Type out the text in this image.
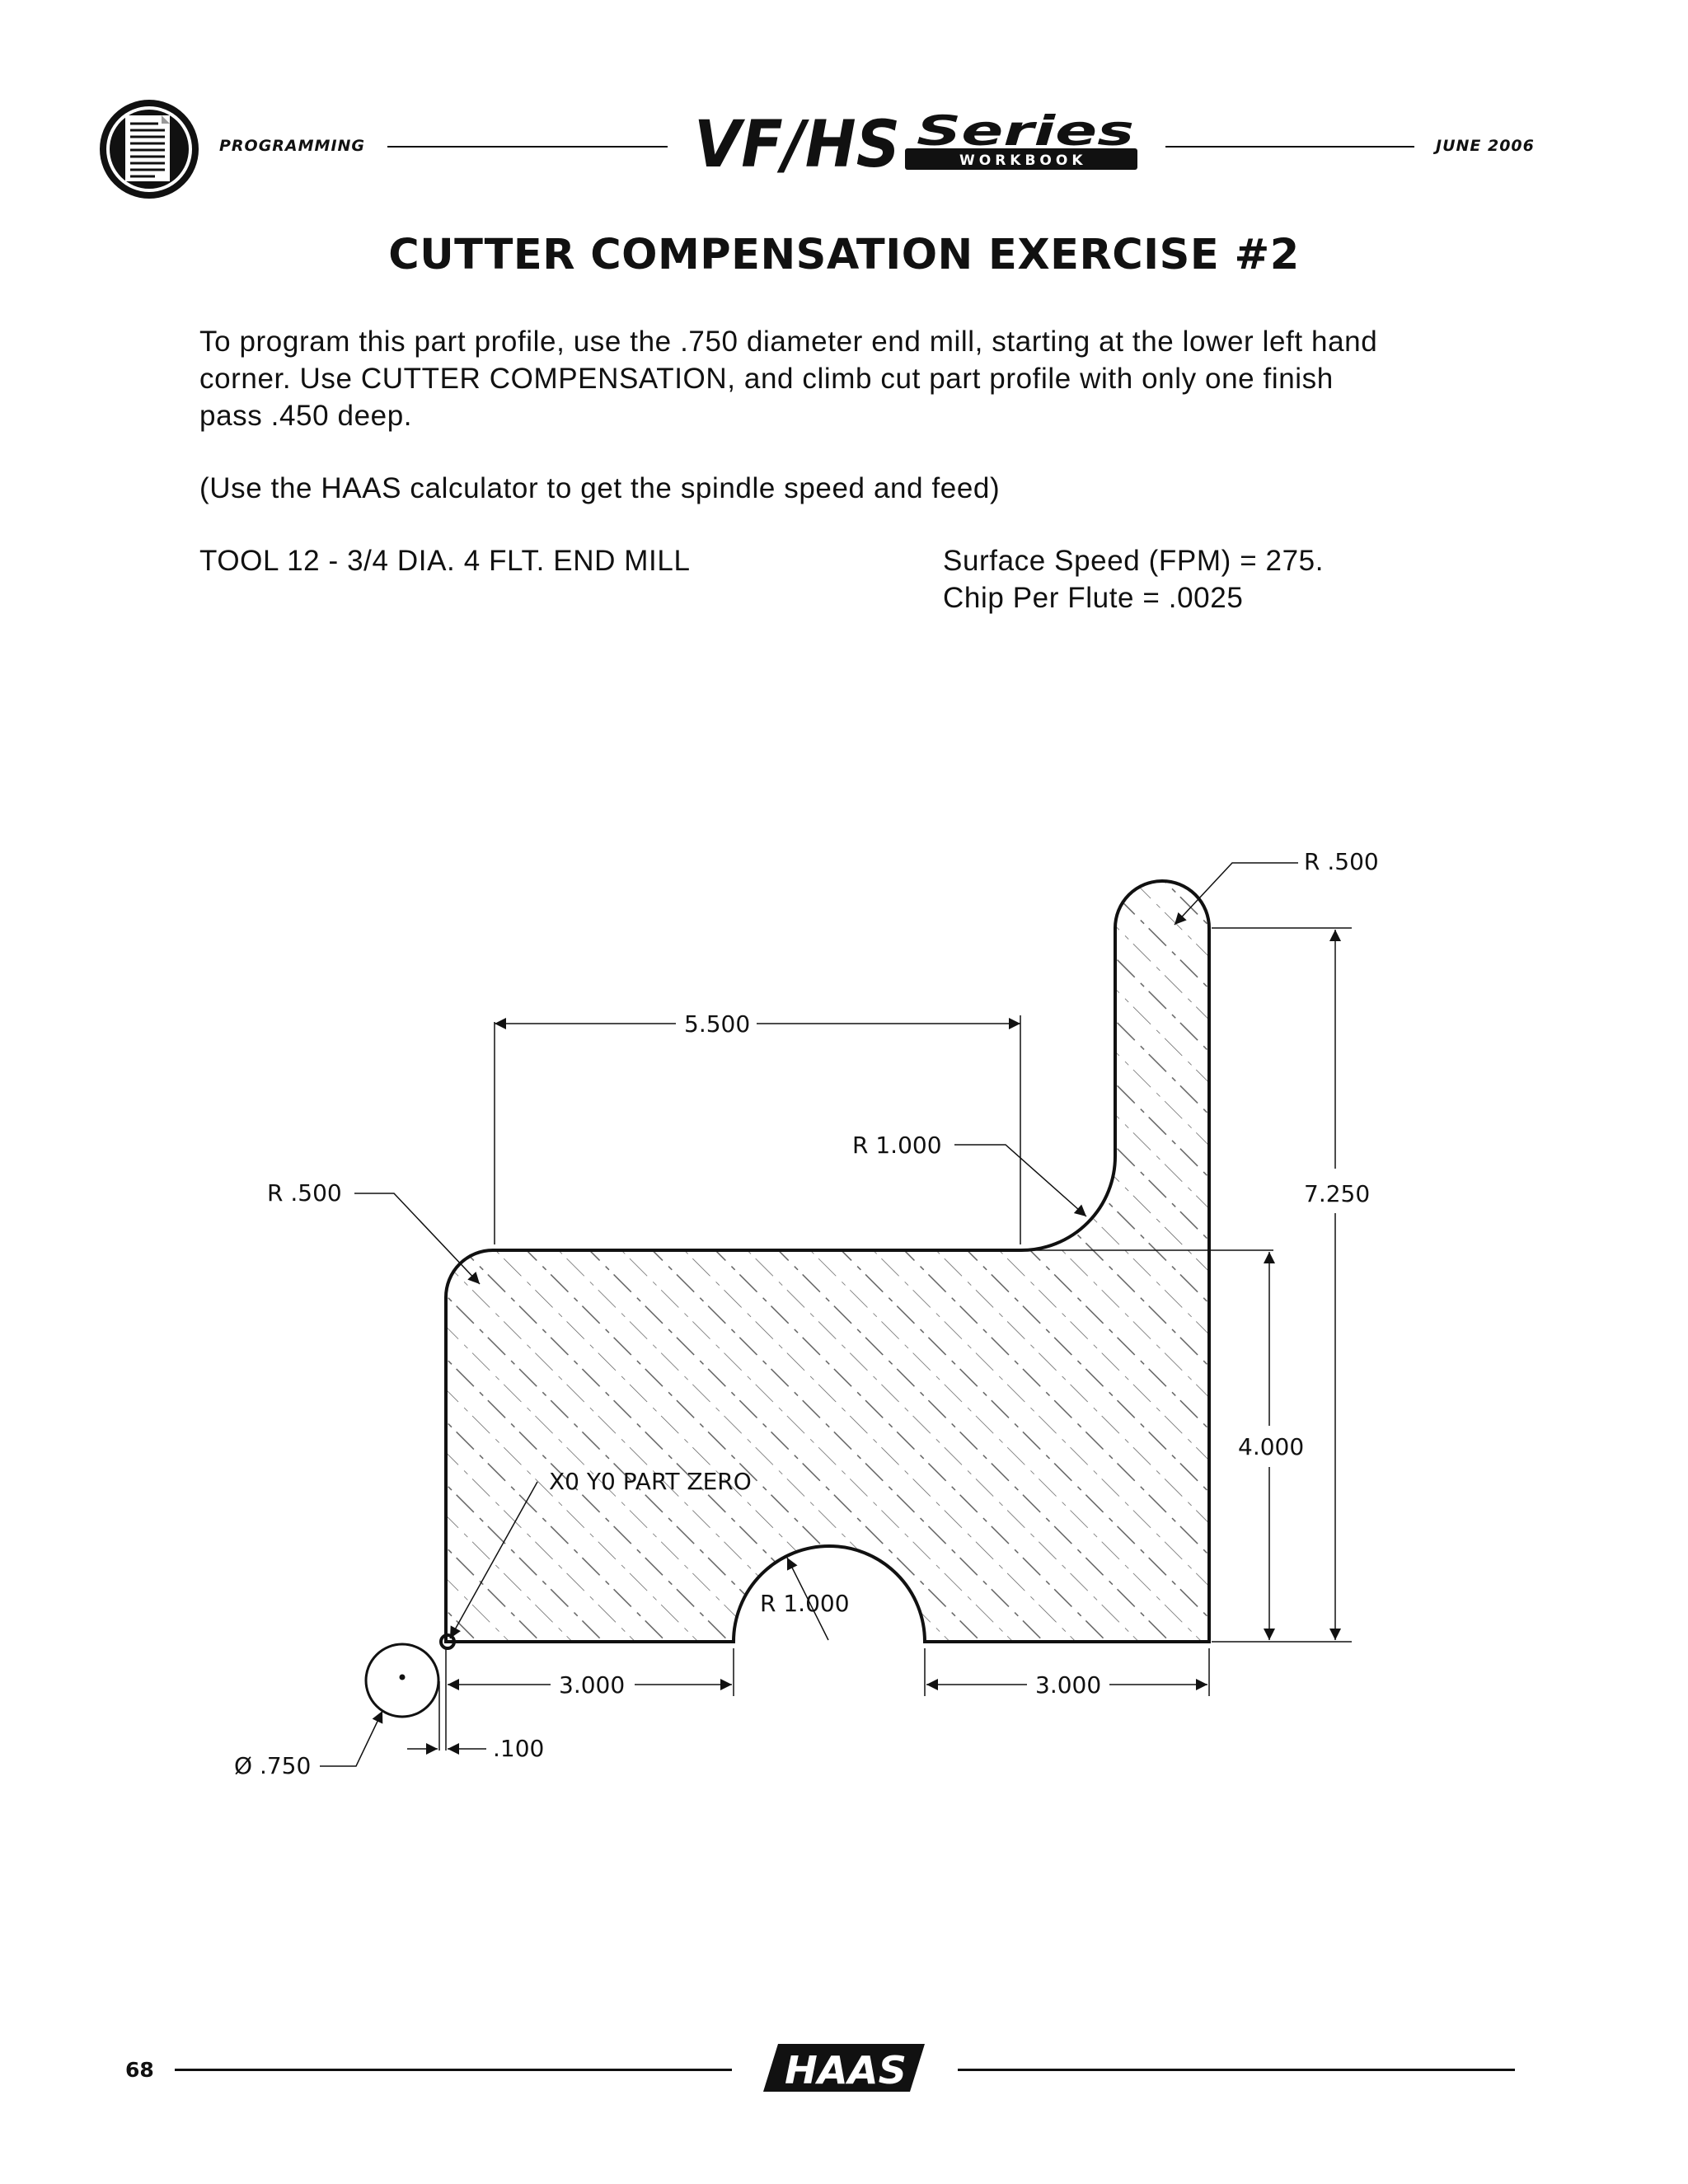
PROGRAMMING	VF/HS Series
WORKBOOK
JUNE 2006
CUTTER COMPENSATION EXERCISE #2
To program this part profile, use the .750 diameter end mill, starting at the lower left hand
corner. Use CUTTER COMPENSATION, and climb cut part profile with only one finish
pass .450 deep.
(Use the HAAS calculator to get the spindle speed and feed)
TOOL 12 - 3/4 DIA. 4 FLT. END MILL	Surface Speed (FPM) = 275.
Chip Per Flute = .0025
R .500
5.500
R 1.000
R .500	7.250
4.000
X0 Y0 PART ZERO
R 1.000
3.000	3.000
Ø .750
.100
68	HAAS
